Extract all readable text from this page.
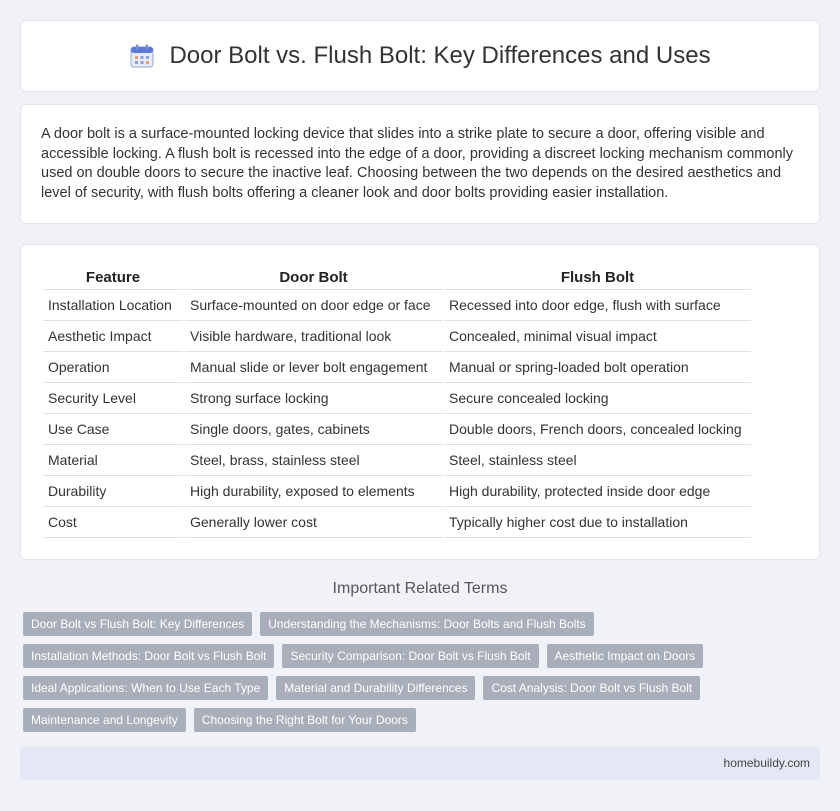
Door Bolt vs. Flush Bolt: Key Differences and Uses

A door bolt is a surface-mounted locking device that slides into a strike plate to secure a door, offering visible and accessible locking. A flush bolt is recessed into the edge of a door, providing a discreet locking mechanism commonly used on double doors to secure the inactive leaf. Choosing between the two depends on the desired aesthetics and level of security, with flush bolts offering a cleaner look and door bolts providing easier installation.

Feature	Door Bolt	Flush Bolt
Installation Location	Surface-mounted on door edge or face	Recessed into door edge, flush with surface
Aesthetic Impact	Visible hardware, traditional look	Concealed, minimal visual impact
Operation	Manual slide or lever bolt engagement	Manual or spring-loaded bolt operation
Security Level	Strong surface locking	Secure concealed locking
Use Case	Single doors, gates, cabinets	Double doors, French doors, concealed locking
Material	Steel, brass, stainless steel	Steel, stainless steel
Durability	High durability, exposed to elements	High durability, protected inside door edge
Cost	Generally lower cost	Typically higher cost due to installation
Important Related Terms
Door Bolt vs Flush Bolt: Key Differences	Understanding the Mechanisms: Door Bolts and Flush Bolts
Installation Methods: Door Bolt vs Flush Bolt	Security Comparison: Door Bolt vs Flush Bolt	Aesthetic Impact on Doors
Ideal Applications: When to Use Each Type	Material and Durability Differences	Cost Analysis: Door Bolt vs Flush Bolt
Maintenance and Longevity	Choosing the Right Bolt for Your Doors
homebuildy.com
